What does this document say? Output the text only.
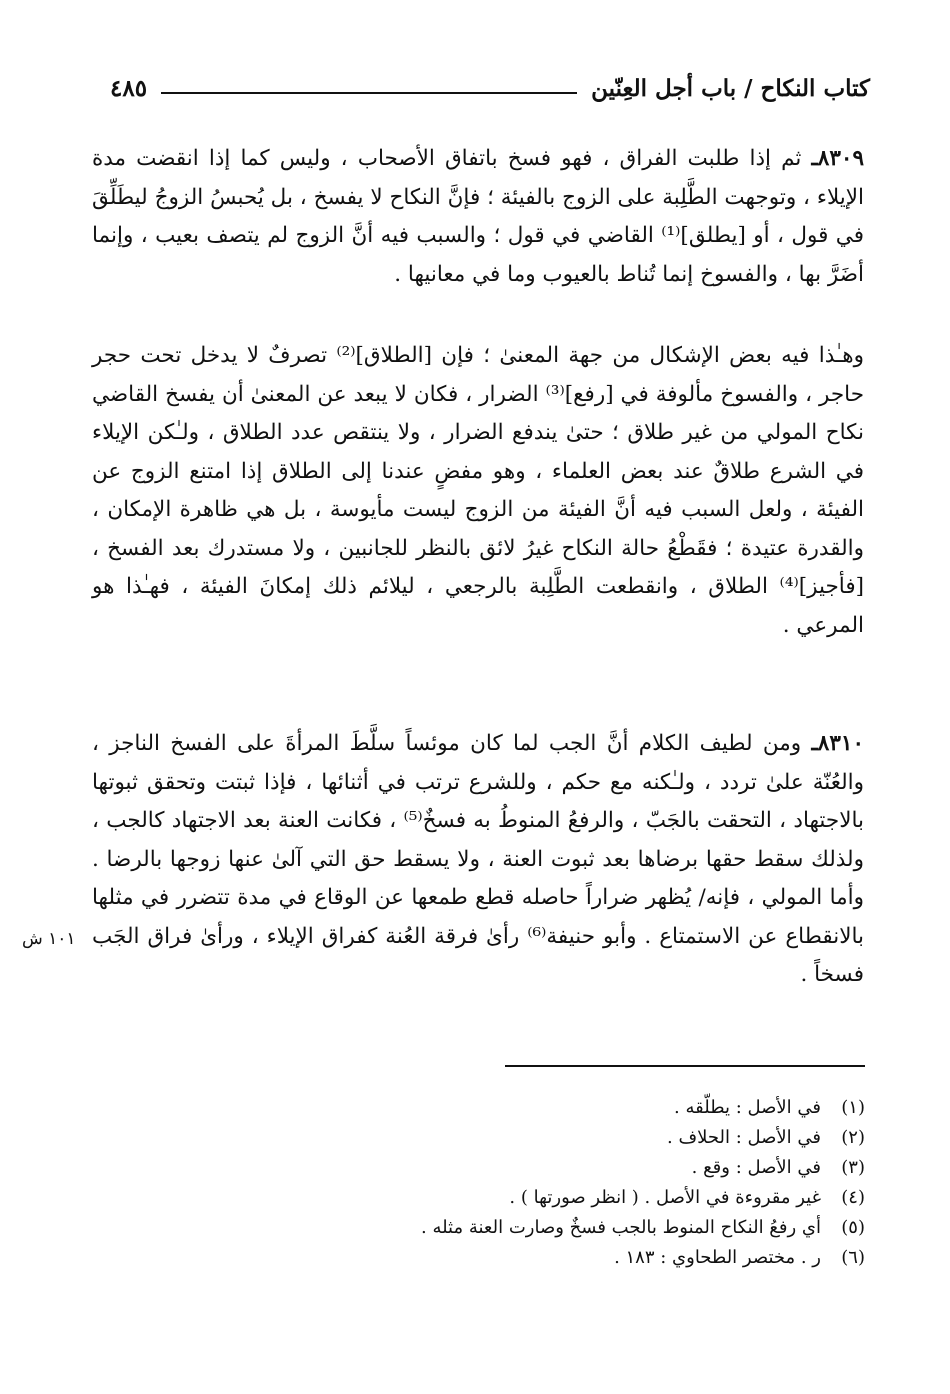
كتاب النكاح / باب أجل العِنّين
٤٨٥

٨٣٠٩ـ ثم إذا طلبت الفراق ، فهو فسخ باتفاق الأصحاب ، وليس كما إذا انقضت مدة الإيلاء ، وتوجهت الطَّلِبة على الزوج بالفيئة ؛ فإنَّ النكاح لا يفسخ ، بل يُحبسُ الزوجُ ليطَلِّقَ في قول ، أو [يطلق]⁽¹⁾ القاضي في قول ؛ والسبب فيه أنَّ الزوج لم يتصف بعيب ، وإنما أضَرَّ بها ، والفسوخ إنما تُناط بالعيوب وما في معانيها .

وهـٰذا فيه بعض الإشكال من جهة المعنىٰ ؛ فإن [الطلاق]⁽²⁾ تصرفٌ لا يدخل تحت حجر حاجر ، والفسوخ مألوفة في [رفع]⁽³⁾ الضرار ، فكان لا يبعد عن المعنىٰ أن يفسخ القاضي نكاح المولي من غير طلاق ؛ حتىٰ يندفع الضرار ، ولا ينتقص عدد الطلاق ، ولـٰكن الإيلاء في الشرع طلاقٌ عند بعض العلماء ، وهو مفضٍ عندنا إلى الطلاق إذا امتنع الزوج عن الفيئة ، ولعل السبب فيه أنَّ الفيئة من الزوج ليست مأيوسة ، بل هي ظاهرة الإمكان ، والقدرة عتيدة ؛ فقَطْعُ حالة النكاح غيرُ لائق بالنظر للجانبين ، ولا مستدرك بعد الفسخ ، [فأجيز]⁽⁴⁾ الطلاق ، وانقطعت الطَّلِبة بالرجعي ، ليلائم ذلك إمكانَ الفيئة ، فهـٰذا هو المرعي .

٨٣١٠ـ ومن لطيف الكلام أنَّ الجب لما كان موئساً سلَّطَ المرأةَ على الفسخ الناجز ، والعُنّة علىٰ تردد ، ولـٰكنه مع حكم ، وللشرع ترتب في أثنائها ، فإذا ثبتت وتحقق ثبوتها بالاجتهاد ، التحقت بالجَبّ ، والرفعُ المنوطُ به فسخٌ⁽⁵⁾ ، فكانت العنة بعد الاجتهاد كالجب ، ولذلك سقط حقها برضاها بعد ثبوت العنة ، ولا يسقط حق التي آلىٰ عنها زوجها بالرضا . وأما المولي ، فإنه/ يُظهر ضراراً حاصله قطع طمعها عن الوقاع في مدة تتضرر في مثلها بالانقطاع عن الاستمتاع . وأبو حنيفة⁽⁶⁾ رأىٰ فرقة العُنة كفراق الإيلاء ، ورأىٰ فراق الجَب فسخاً .

١٠١ ش
(١)
في الأصل : يطلّقه .
(٢)
في الأصل : الحلاف .
(٣)
في الأصل : وقع .
(٤)
غير مقروءة في الأصل . ( انظر صورتها ) .
(٥)
أي رفعُ النكاح المنوط بالجب فسخٌ وصارت العنة مثله .
(٦)
ر . مختصر الطحاوي : ١٨٣ .
